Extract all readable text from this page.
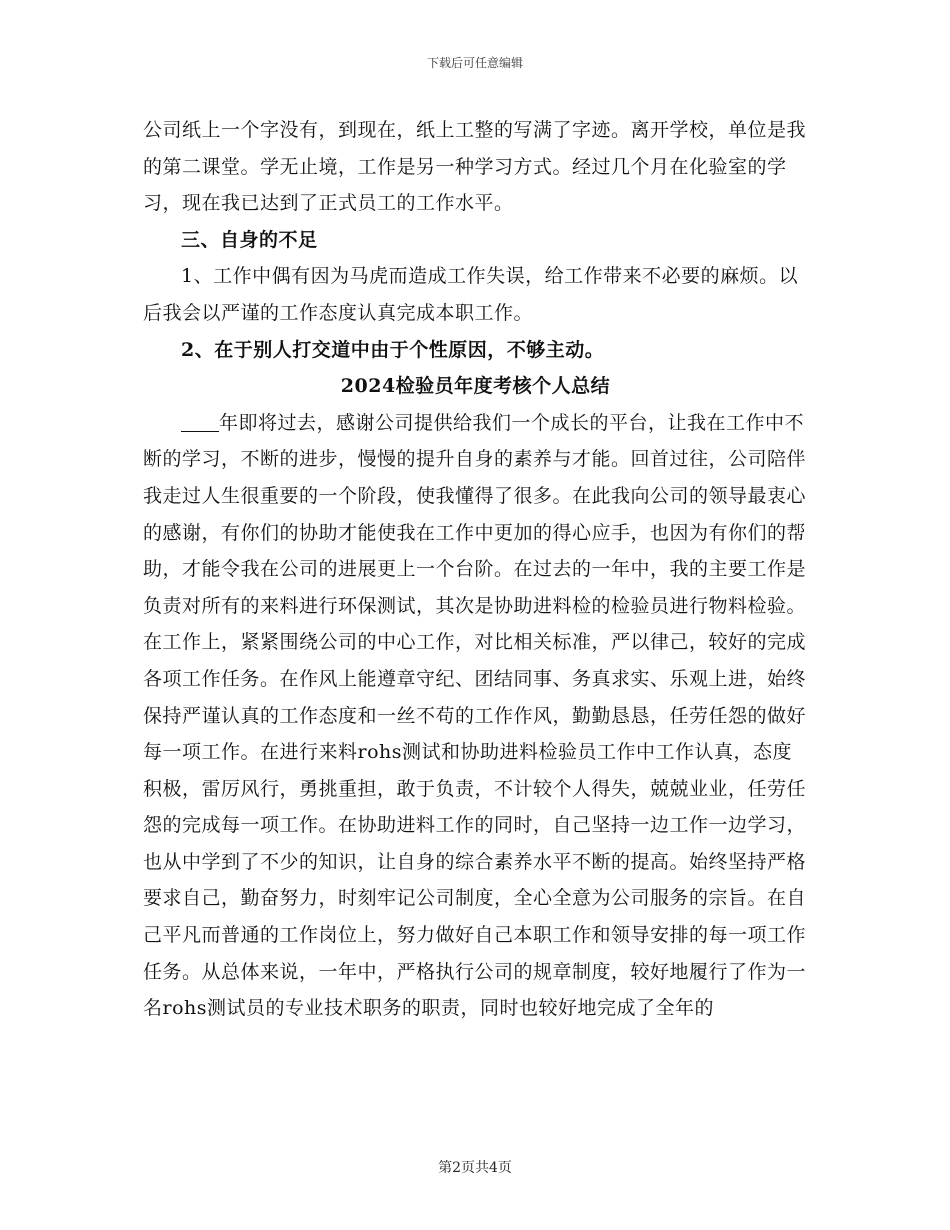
下载后可任意编辑

公司纸上一个字没有，到现在，纸上工整的写满了字迹。离开学校，单位是我的第二课堂。学无止境，工作是另一种学习方式。经过几个月在化验室的学习，现在我已达到了正式员工的工作水平。

三、自身的不足

1、工作中偶有因为马虎而造成工作失误，给工作带来不必要的麻烦。以后我会以严谨的工作态度认真完成本职工作。

2、在于别人打交道中由于个性原因，不够主动。

2024检验员年度考核个人总结

年即将过去，感谢公司提供给我们一个成长的平台，让我在工作中不断的学习，不断的进步，慢慢的提升自身的素养与才能。回首过往，公司陪伴我走过人生很重要的一个阶段，使我懂得了很多。在此我向公司的领导最衷心的感谢，有你们的协助才能使我在工作中更加的得心应手，也因为有你们的帮助，才能令我在公司的进展更上一个台阶。在过去的一年中，我的主要工作是负责对所有的来料进行环保测试，其次是协助进料检的检验员进行物料检验。在工作上，紧紧围绕公司的中心工作，对比相关标准，严以律己，较好的完成各项工作任务。在作风上能遵章守纪、团结同事、务真求实、乐观上进，始终保持严谨认真的工作态度和一丝不苟的工作作风，勤勤恳恳，任劳任怨的做好每一项工作。在进行来料rohs测试和协助进料检验员工作中工作认真，态度积极，雷厉风行，勇挑重担，敢于负责，不计较个人得失，兢兢业业，任劳任怨的完成每一项工作。在协助进料工作的同时，自己坚持一边工作一边学习，也从中学到了不少的知识，让自身的综合素养水平不断的提高。始终坚持严格要求自己，勤奋努力，时刻牢记公司制度，全心全意为公司服务的宗旨。在自己平凡而普通的工作岗位上，努力做好自己本职工作和领导安排的每一项工作任务。从总体来说，一年中，严格执行公司的规章制度，较好地履行了作为一名rohs测试员的专业技术职务的职责，同时也较好地完成了全年的

第2页共4页
